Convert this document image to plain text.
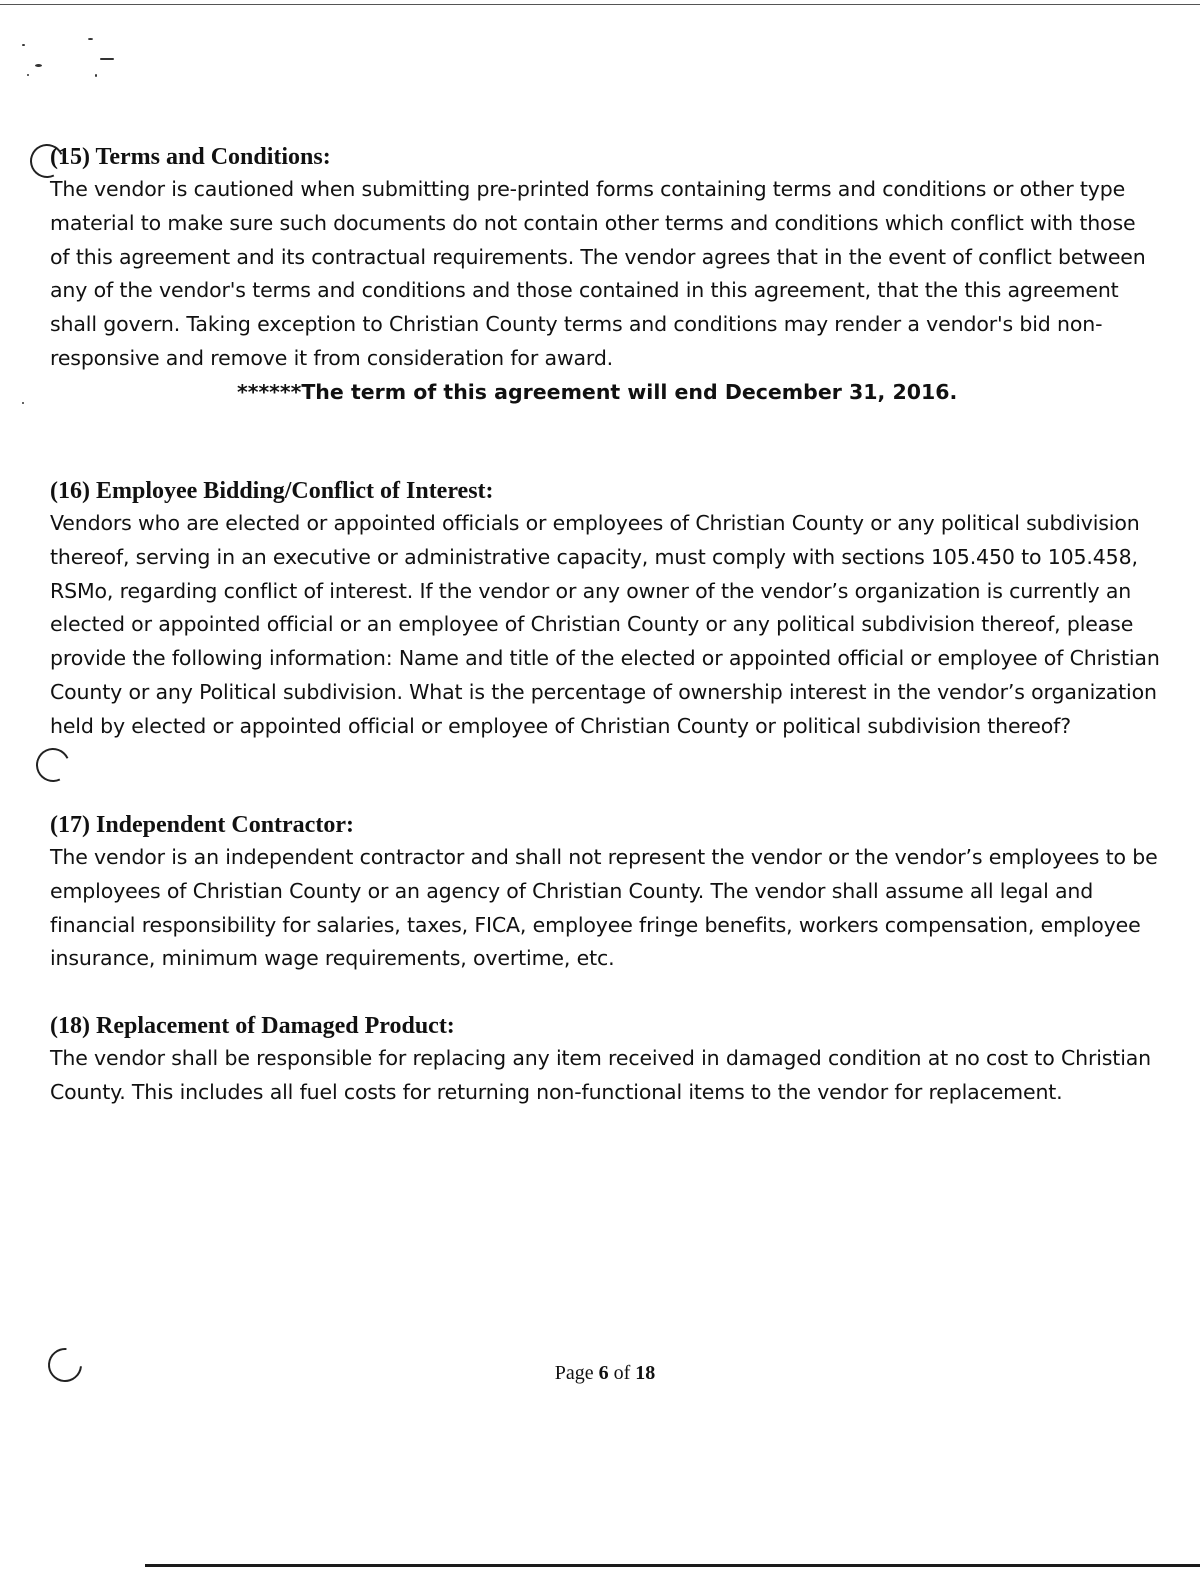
(15) Terms and Conditions:

The vendor is cautioned when submitting pre-printed forms containing terms and conditions or other type material to make sure such documents do not contain other terms and conditions which conflict with those of this agreement and its contractual requirements. The vendor agrees that in the event of conflict between any of the vendor's terms and conditions and those contained in this agreement, that the this agreement shall govern. Taking exception to Christian County terms and conditions may render a vendor's bid non-responsive and remove it from consideration for award.

******The term of this agreement will end December 31, 2016.

(16) Employee Bidding/Conflict of Interest:

Vendors who are elected or appointed officials or employees of Christian County or any political subdivision thereof, serving in an executive or administrative capacity, must comply with sections 105.450 to 105.458, RSMo, regarding conflict of interest. If the vendor or any owner of the vendor’s organization is currently an elected or appointed official or an employee of Christian County or any political subdivision thereof, please provide the following information: Name and title of the elected or appointed official or employee of Christian County or any Political subdivision. What is the percentage of ownership interest in the vendor’s organization held by elected or appointed official or employee of Christian County or political subdivision thereof?

(17) Independent Contractor:

The vendor is an independent contractor and shall not represent the vendor or the vendor’s employees to be employees of Christian County or an agency of Christian County. The vendor shall assume all legal and financial responsibility for salaries, taxes, FICA, employee fringe benefits, workers compensation, employee insurance, minimum wage requirements, overtime, etc.

(18) Replacement of Damaged Product:

The vendor shall be responsible for replacing any item received in damaged condition at no cost to Christian County. This includes all fuel costs for returning non-functional items to the vendor for replacement.

Page 6 of 18
